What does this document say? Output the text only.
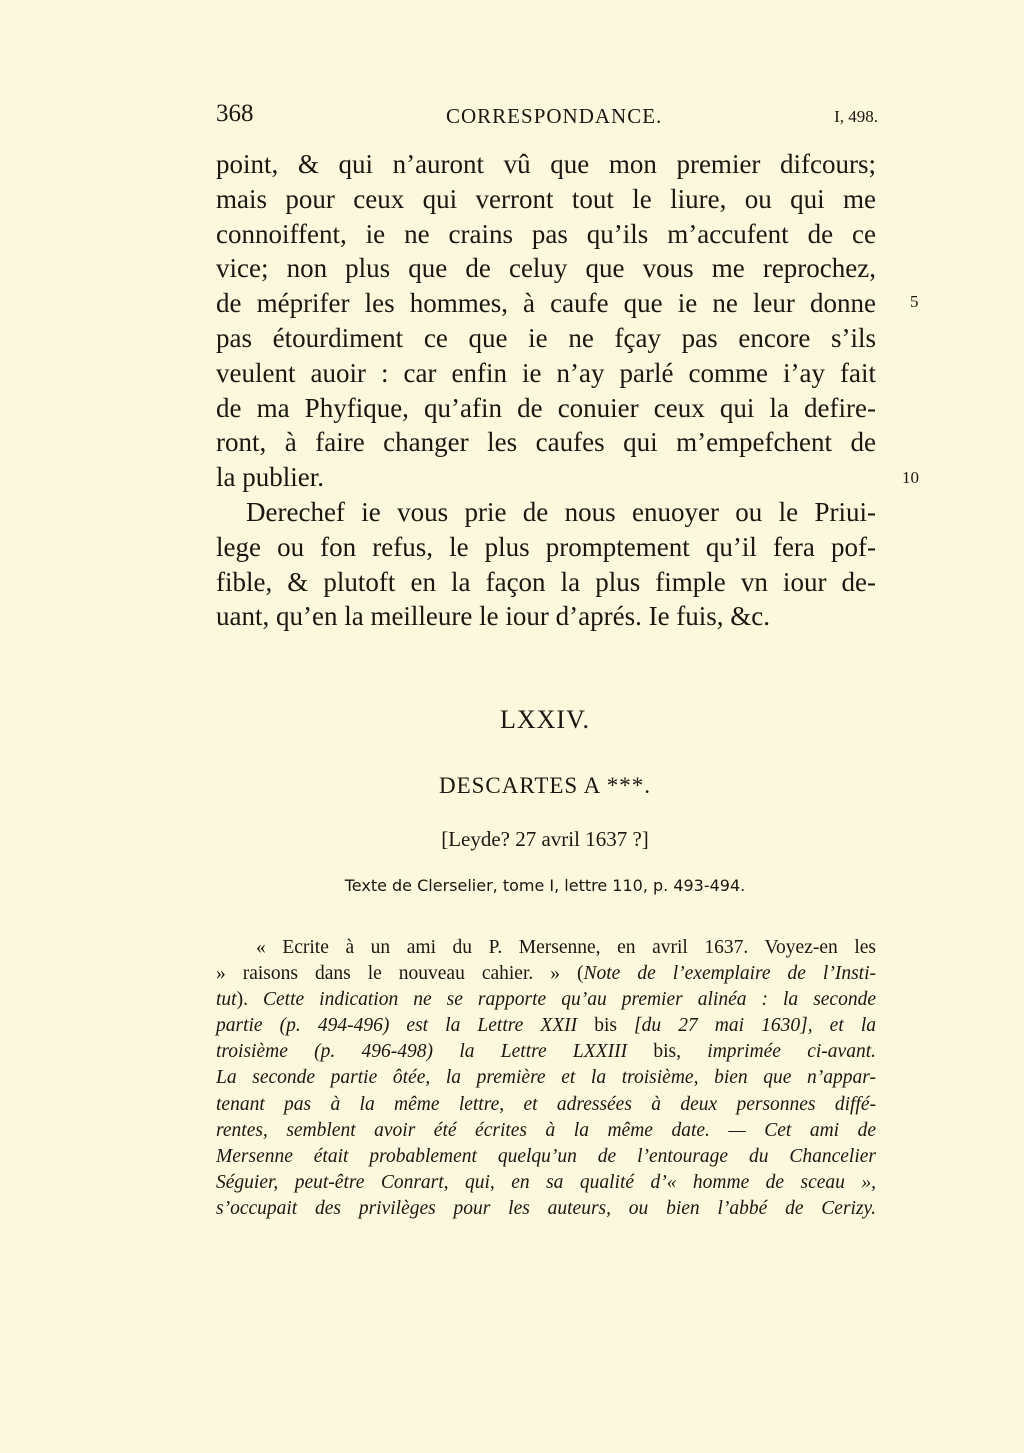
368	CORRESPONDANCE.	I, 498.
point, & qui n’auront vû que mon premier difcours;
mais pour ceux qui verront tout le liure, ou qui me
connoiffent, ie ne crains pas qu’ils m’accufent de ce
vice; non plus que de celuy que vous me reprochez,
de méprifer les hommes, à caufe que ie ne leur donne
pas étourdiment ce que ie ne fçay pas encore s’ils
veulent auoir : car enfin ie n’ay parlé comme i’ay fait
de ma Phyfique, qu’afin de conuier ceux qui la defire-
ront, à faire changer les caufes qui m’empefchent de
la publier.
Derechef ie vous prie de nous enuoyer ou le Priui-
lege ou fon refus, le plus promptement qu’il fera pof-
fible, & plutoft en la façon la plus fimple vn iour de-
uant, qu’en la meilleure le iour d’aprés. Ie fuis, &c.
5
10
LXXIV.
DESCARTES A ***.
[Leyde? 27 avril 1637 ?]
Texte de Clerselier, tome I, lettre 110, p. 493-494.
« Ecrite à un ami du P. Mersenne, en avril 1637. Voyez-en les
» raisons dans le nouveau cahier. » (Note de l’exemplaire de l’Insti-
tut). Cette indication ne se rapporte qu’au premier alinéa : la seconde
partie (p. 494-496) est la Lettre XXII bis [du 27 mai 1630], et la
troisième (p. 496-498) la Lettre LXXIII bis, imprimée ci-avant.
La seconde partie ôtée, la première et la troisième, bien que n’appar-
tenant pas à la même lettre, et adressées à deux personnes diffé-
rentes, semblent avoir été écrites à la même date. — Cet ami de
Mersenne était probablement quelqu’un de l’entourage du Chancelier
Séguier, peut-être Conrart, qui, en sa qualité d’« homme de sceau »,
s’occupait des privilèges pour les auteurs, ou bien l’abbé de Cerizy.
